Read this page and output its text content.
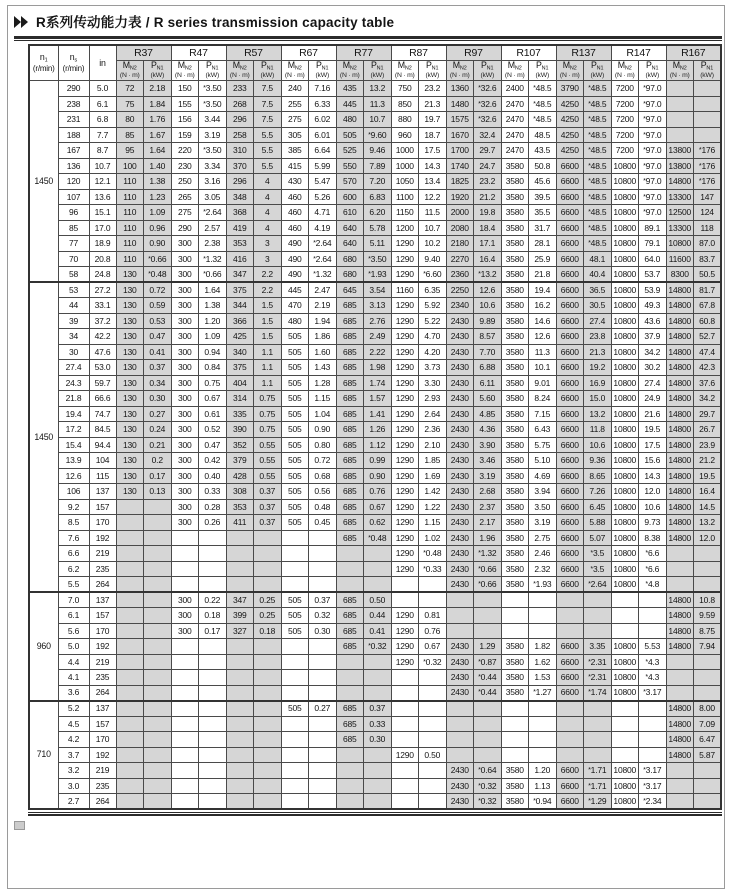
R系列传动能力表 / R series transmission capacity table
$n_1$
(r/min)	$n_s$
(r/min)	in	R37		R47		R57		R67		R77		R87		R97		R107		R137		R147		R167	

			$M_{N2}$
(N · m)	$P_{N1}$
(kW)	$M_{N2}$
(N · m)	$P_{N1}$
(kW)	$M_{N2}$
(N · m)	$P_{N1}$
(kW)	$M_{N2}$
(N · m)	$P_{N1}$
(kW)	$M_{N2}$
(N · m)	$P_{N1}$
(kW)	$M_{N2}$
(N · m)	$P_{N1}$
(kW)	$M_{N2}$
(N · m)	$P_{N1}$
(kW)	$M_{N2}$
(N · m)	$P_{N1}$
(kW)	$M_{N2}$
(N · m)	$P_{N1}$
(kW)	$M_{N2}$
(N · m)	$P_{N1}$
(kW)	$M_{N2}$
(N · m)	$P_{N1}$
(kW)

1450	290	5.0	72	2.18	150	*3.50	233	7.5	240	7.16	435	13.2	750	23.2	1360	*32.6	2400	*48.5	3790	*48.5	7200	*97.0		
	238	6.1	75	1.84	155	*3.50	268	7.5	255	6.33	445	11.3	850	21.3	1480	*32.6	2470	*48.5	4250	*48.5	7200	*97.0		
	231	6.8	80	1.76	156	3.44	296	7.5	275	6.02	480	10.7	880	19.7	1575	*32.6	2470	*48.5	4250	*48.5	7200	*97.0		
	188	7.7	85	1.67	159	3.19	258	5.5	305	6.01	505	*9.60	960	18.7	1670	32.4	2470	48.5	4250	*48.5	7200	*97.0		
	167	8.7	95	1.64	220	*3.50	310	5.5	385	6.64	525	9.46	1000	17.5	1700	29.7	2470	43.5	4250	*48.5	7200	*97.0	13800	*176
	136	10.7	100	1.40	230	3.34	370	5.5	415	5.99	550	7.89	1000	14.3	1740	24.7	3580	50.8	6600	*48.5	10800	*97.0	13800	*176
	120	12.1	110	1.38	250	3.16	296	4	430	5.47	570	7.20	1050	13.4	1825	23.2	3580	45.6	6600	*48.5	10800	*97.0	14800	*176
	107	13.6	110	1.23	265	3.05	348	4	460	5.26	600	6.83	1100	12.2	1920	21.2	3580	39.5	6600	*48.5	10800	*97.0	13300	147
	96	15.1	110	1.09	275	*2.64	368	4	460	4.71	610	6.20	1150	11.5	2000	19.8	3580	35.5	6600	*48.5	10800	*97.0	12500	124
	85	17.0	110	0.96	290	2.57	419	4	460	4.19	640	5.78	1200	10.7	2080	18.4	3580	31.7	6600	*48.5	10800	89.1	13300	118
	77	18.9	110	0.90	300	2.38	353	3	490	*2.64	640	5.11	1290	10.2	2180	17.1	3580	28.1	6600	*48.5	10800	79.1	10800	87.0
	70	20.8	110	*0.66	300	*1.32	416	3	490	*2.64	680	*3.50	1290	9.40	2270	16.4	3580	25.9	6600	48.1	10800	64.0	11600	83.7
	58	24.8	130	*0.48	300	*0.66	347	2.2	490	*1.32	680	*1.93	1290	*6.60	2360	*13.2	3580	21.8	6600	40.4	10800	53.7	8300	50.5
1450	53	27.2	130	0.72	300	1.64	375	2.2	445	2.47	645	3.54	1160	6.35	2250	12.6	3580	19.4	6600	36.5	10800	53.9	14800	81.7
	44	33.1	130	0.59	300	1.38	344	1.5	470	2.19	685	3.13	1290	5.92	2340	10.6	3580	16.2	6600	30.5	10800	49.3	14800	67.8
	39	37.2	130	0.53	300	1.20	366	1.5	480	1.94	685	2.76	1290	5.22	2430	9.89	3580	14.6	6600	27.4	10800	43.6	14800	60.8
	34	42.2	130	0.47	300	1.09	425	1.5	505	1.86	685	2.49	1290	4.70	2430	8.57	3580	12.6	6600	23.8	10800	37.9	14800	52.7
	30	47.6	130	0.41	300	0.94	340	1.1	505	1.60	685	2.22	1290	4.20	2430	7.70	3580	11.3	6600	21.3	10800	34.2	14800	47.4
	27.4	53.0	130	0.37	300	0.84	375	1.1	505	1.43	685	1.98	1290	3.73	2430	6.88	3580	10.1	6600	19.2	10800	30.2	14800	42.3
	24.3	59.7	130	0.34	300	0.75	404	1.1	505	1.28	685	1.74	1290	3.30	2430	6.11	3580	9.01	6600	16.9	10800	27.4	14800	37.6
	21.8	66.6	130	0.30	300	0.67	314	0.75	505	1.15	685	1.57	1290	2.93	2430	5.60	3580	8.24	6600	15.0	10800	24.9	14800	34.2
	19.4	74.7	130	0.27	300	0.61	335	0.75	505	1.04	685	1.41	1290	2.64	2430	4.85	3580	7.15	6600	13.2	10800	21.6	14800	29.7
	17.2	84.5	130	0.24	300	0.52	390	0.75	505	0.90	685	1.26	1290	2.36	2430	4.36	3580	6.43	6600	11.8	10800	19.5	14800	26.7
	15.4	94.4	130	0.21	300	0.47	352	0.55	505	0.80	685	1.12	1290	2.10	2430	3.90	3580	5.75	6600	10.6	10800	17.5	14800	23.9
	13.9	104	130	0.2	300	0.42	379	0.55	505	0.72	685	0.99	1290	1.85	2430	3.46	3580	5.10	6600	9.36	10800	15.6	14800	21.2
	12.6	115	130	0.17	300	0.40	428	0.55	505	0.68	685	0.90	1290	1.69	2430	3.19	3580	4.69	6600	8.65	10800	14.3	14800	19.5
	106	137	130	0.13	300	0.33	308	0.37	505	0.56	685	0.76	1290	1.42	2430	2.68	3580	3.94	6600	7.26	10800	12.0	14800	16.4
	9.2	157			300	0.28	353	0.37	505	0.48	685	0.67	1290	1.22	2430	2.37	3580	3.50	6600	6.45	10800	10.6	14800	14.5
	8.5	170			300	0.26	411	0.37	505	0.45	685	0.62	1290	1.15	2430	2.17	3580	3.19	6600	5.88	10800	9.73	14800	13.2
	7.6	192									685	*0.48	1290	1.02	2430	1.96	3580	2.75	6600	5.07	10800	8.38	14800	12.0
	6.6	219											1290	*0.48	2430	*1.32	3580	2.46	6600	*3.5	10800	*6.6		
	6.2	235											1290	*0.33	2430	*0.66	3580	2.32	6600	*3.5	10800	*6.6		
	5.5	264													2430	*0.66	3580	*1.93	6600	*2.64	10800	*4.8		
960	7.0	137			300	0.22	347	0.25	505	0.37	685	0.50											14800	10.8
	6.1	157			300	0.18	399	0.25	505	0.32	685	0.44	1290	0.81									14800	9.59
	5.6	170			300	0.17	327	0.18	505	0.30	685	0.41	1290	0.76									14800	8.75
	5.0	192									685	*0.32	1290	0.67	2430	1.29	3580	1.82	6600	3.35	10800	5.53	14800	7.94
	4.4	219											1290	*0.32	2430	*0.87	3580	1.62	6600	*2.31	10800	*4.3		
	4.1	235													2430	*0.44	3580	1.53	6600	*2.31	10800	*4.3		
	3.6	264													2430	*0.44	3580	*1.27	6600	*1.74	10800	*3.17		
710	5.2	137							505	0.27	685	0.37											14800	8.00
	4.5	157									685	0.33											14800	7.09
	4.2	170									685	0.30											14800	6.47
	3.7	192											1290	0.50									14800	5.87
	3.2	219													2430	*0.64	3580	1.20	6600	*1.71	10800	*3.17		
	3.0	235													2430	*0.32	3580	1.13	6600	*1.71	10800	*3.17		
	2.7	264													2430	*0.32	3580	*0.94	6600	*1.29	10800	*2.34		
